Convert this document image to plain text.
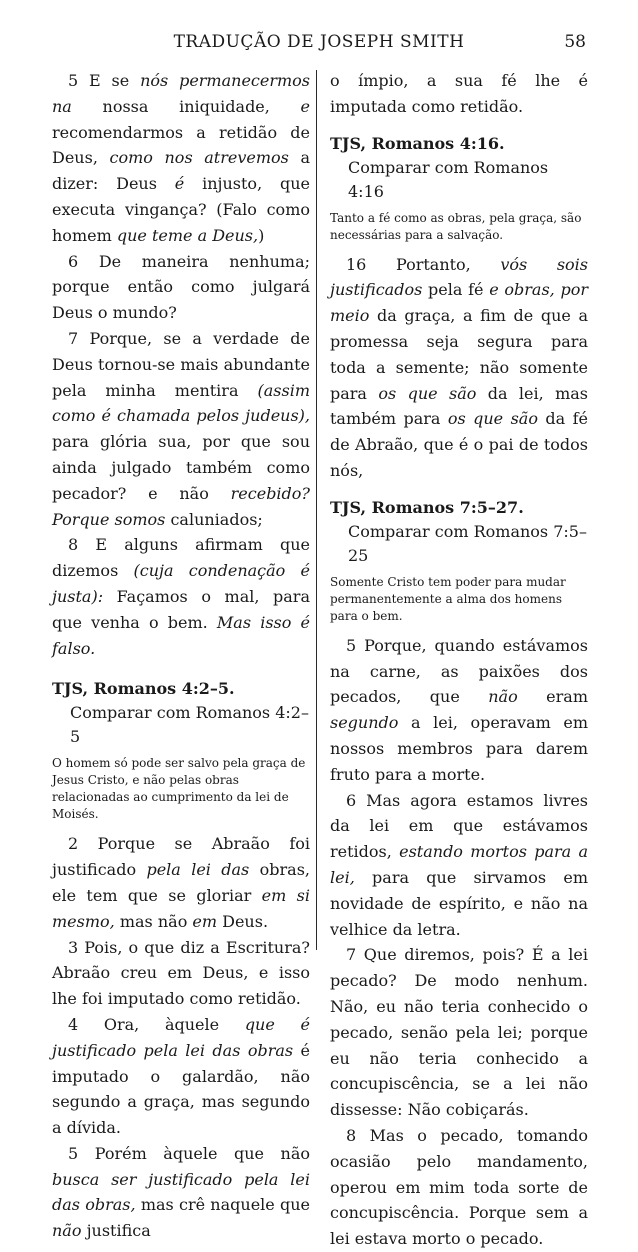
TRADUÇÃO DE JOSEPH SMITH	58

5 E se nós permanecermos na nossa iniquidade, e recomendarmos a retidão de Deus, como nos atrevemos a dizer: Deus é injusto, que executa vingança? (Falo como homem que teme a Deus,)

6 De maneira nenhuma; porque então como julgará Deus o mundo?

7 Porque, se a verdade de Deus tornou-se mais abundante pela minha mentira (assim como é chamada pelos judeus), para glória sua, por que sou ainda julgado também como pecador? e não recebido? Porque somos caluniados;

8 E alguns afirmam que dizemos (cuja condenação é justa): Façamos o mal, para que venha o bem. Mas isso é falso.

TJS, Romanos 4:2–5.
Comparar com Romanos 4:2–5
O homem só pode ser salvo pela graça de Jesus Cristo, e não pelas obras relacionadas ao cumprimento da lei de Moisés.

2 Porque se Abraão foi justificado pela lei das obras, ele tem que se gloriar em si mesmo, mas não em Deus.

3 Pois, o que diz a Escritura? Abraão creu em Deus, e isso lhe foi imputado como retidão.

4 Ora, àquele que é justificado pela lei das obras é imputado o galardão, não segundo a graça, mas segundo a dívida.

5 Porém àquele que não busca ser justificado pela lei das obras, mas crê naquele que não justifica

o ímpio, a sua fé lhe é imputada como retidão.

TJS, Romanos 4:16. Comparar com Romanos 4:16
Tanto a fé como as obras, pela graça, são necessárias para a salvação.

16 Portanto, vós sois justificados pela fé e obras, por meio da graça, a fim de que a promessa seja segura para toda a semente; não somente para os que são da lei, mas também para os que são da fé de Abraão, que é o pai de todos nós,

TJS, Romanos 7:5–27.
Comparar com Romanos 7:5–25
Somente Cristo tem poder para mudar permanentemente a alma dos homens para o bem.

5 Porque, quando estávamos na carne, as paixões dos pecados, que não eram segundo a lei, operavam em nossos membros para darem fruto para a morte.

6 Mas agora estamos livres da lei em que estávamos retidos, estando mortos para a lei, para que sirvamos em novidade de espírito, e não na velhice da letra.

7 Que diremos, pois? É a lei pecado? De modo nenhum. Não, eu não teria conhecido o pecado, senão pela lei; porque eu não teria conhecido a concupiscência, se a lei não dissesse: Não cobiçarás.

8 Mas o pecado, tomando ocasião pelo mandamento, operou em mim toda sorte de concupiscência. Porque sem a lei estava morto o pecado.
